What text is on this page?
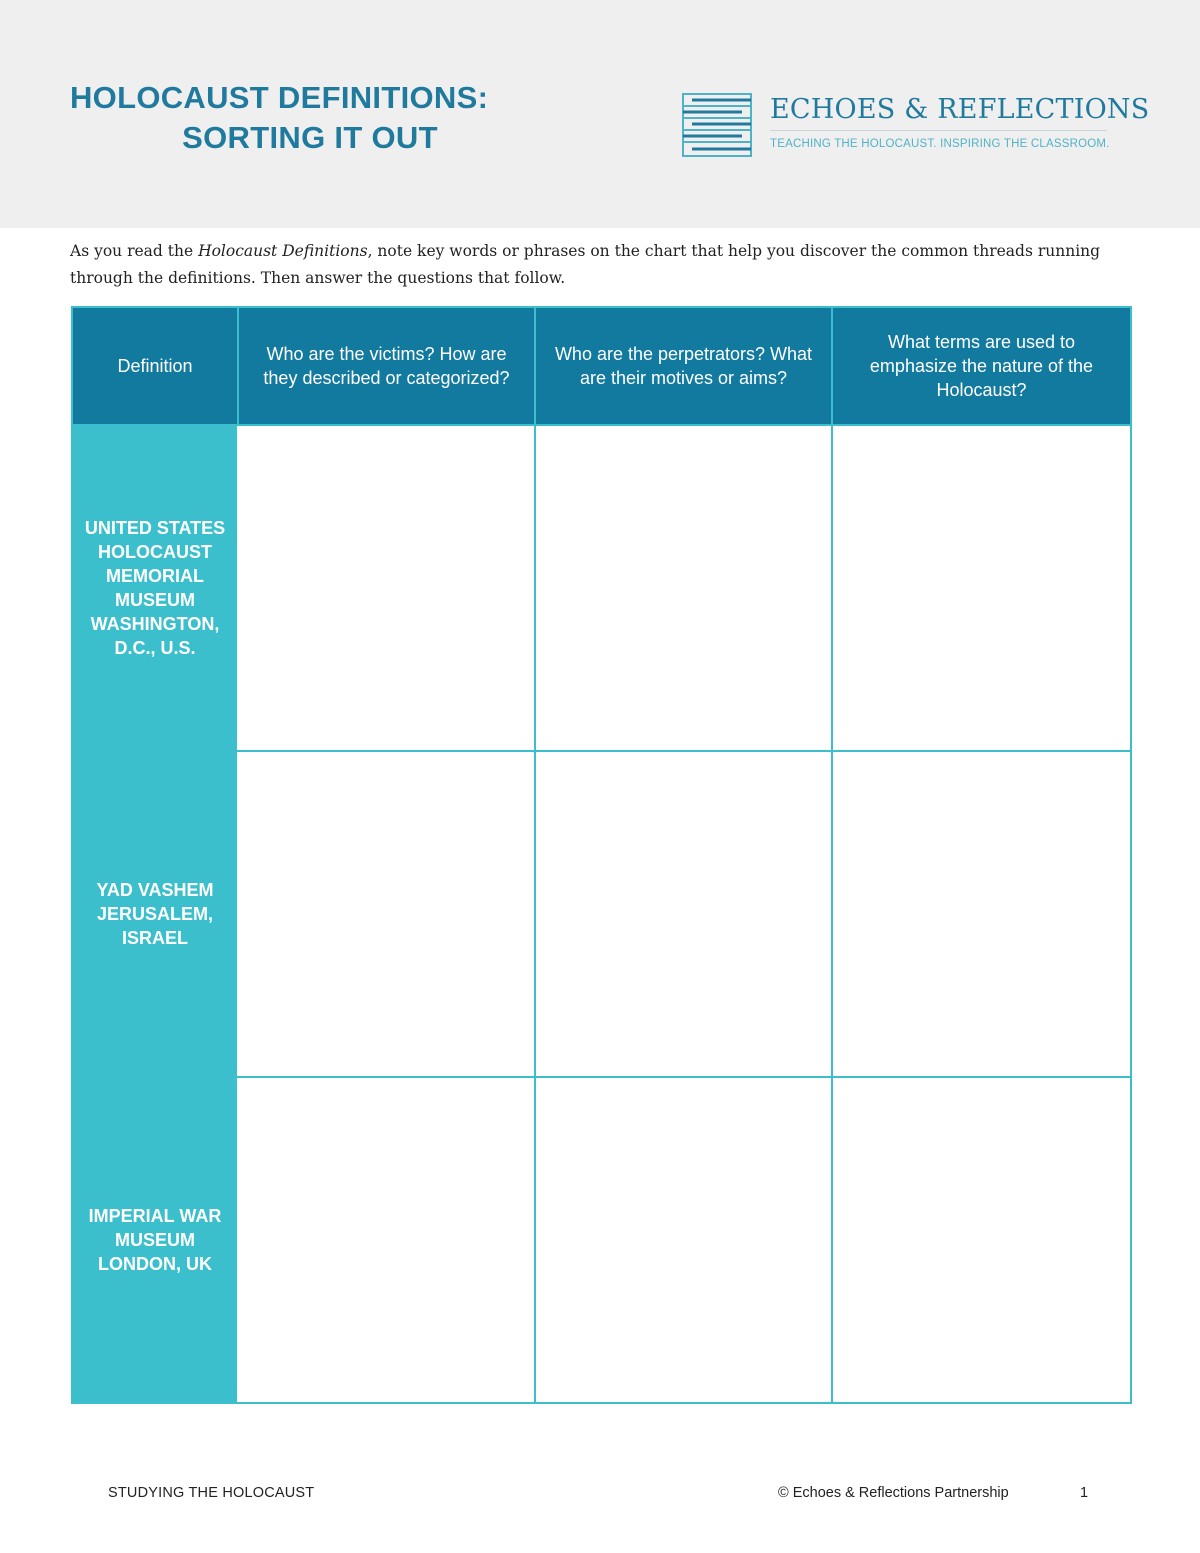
HOLOCAUST DEFINITIONS:
SORTING IT OUT
ECHOES & REFLECTIONS
TEACHING THE HOLOCAUST. INSPIRING THE CLASSROOM.

As you read the Holocaust Definitions, note key words or phrases on the chart that help you discover the common threads running through the definitions. Then answer the questions that follow.

Definition	Who are the victims? How are they described or categorized?	Who are the perpetrators? What are their motives or aims?	What terms are used to emphasize the nature of the Holocaust?
UNITED STATES HOLOCAUST MEMORIAL MUSEUM WASHINGTON, D.C., U.S.			
YAD VASHEM JERUSALEM, ISRAEL			
IMPERIAL WAR MUSEUM LONDON, UK			
STUDYING THE HOLOCAUST	© Echoes & Reflections Partnership	1
